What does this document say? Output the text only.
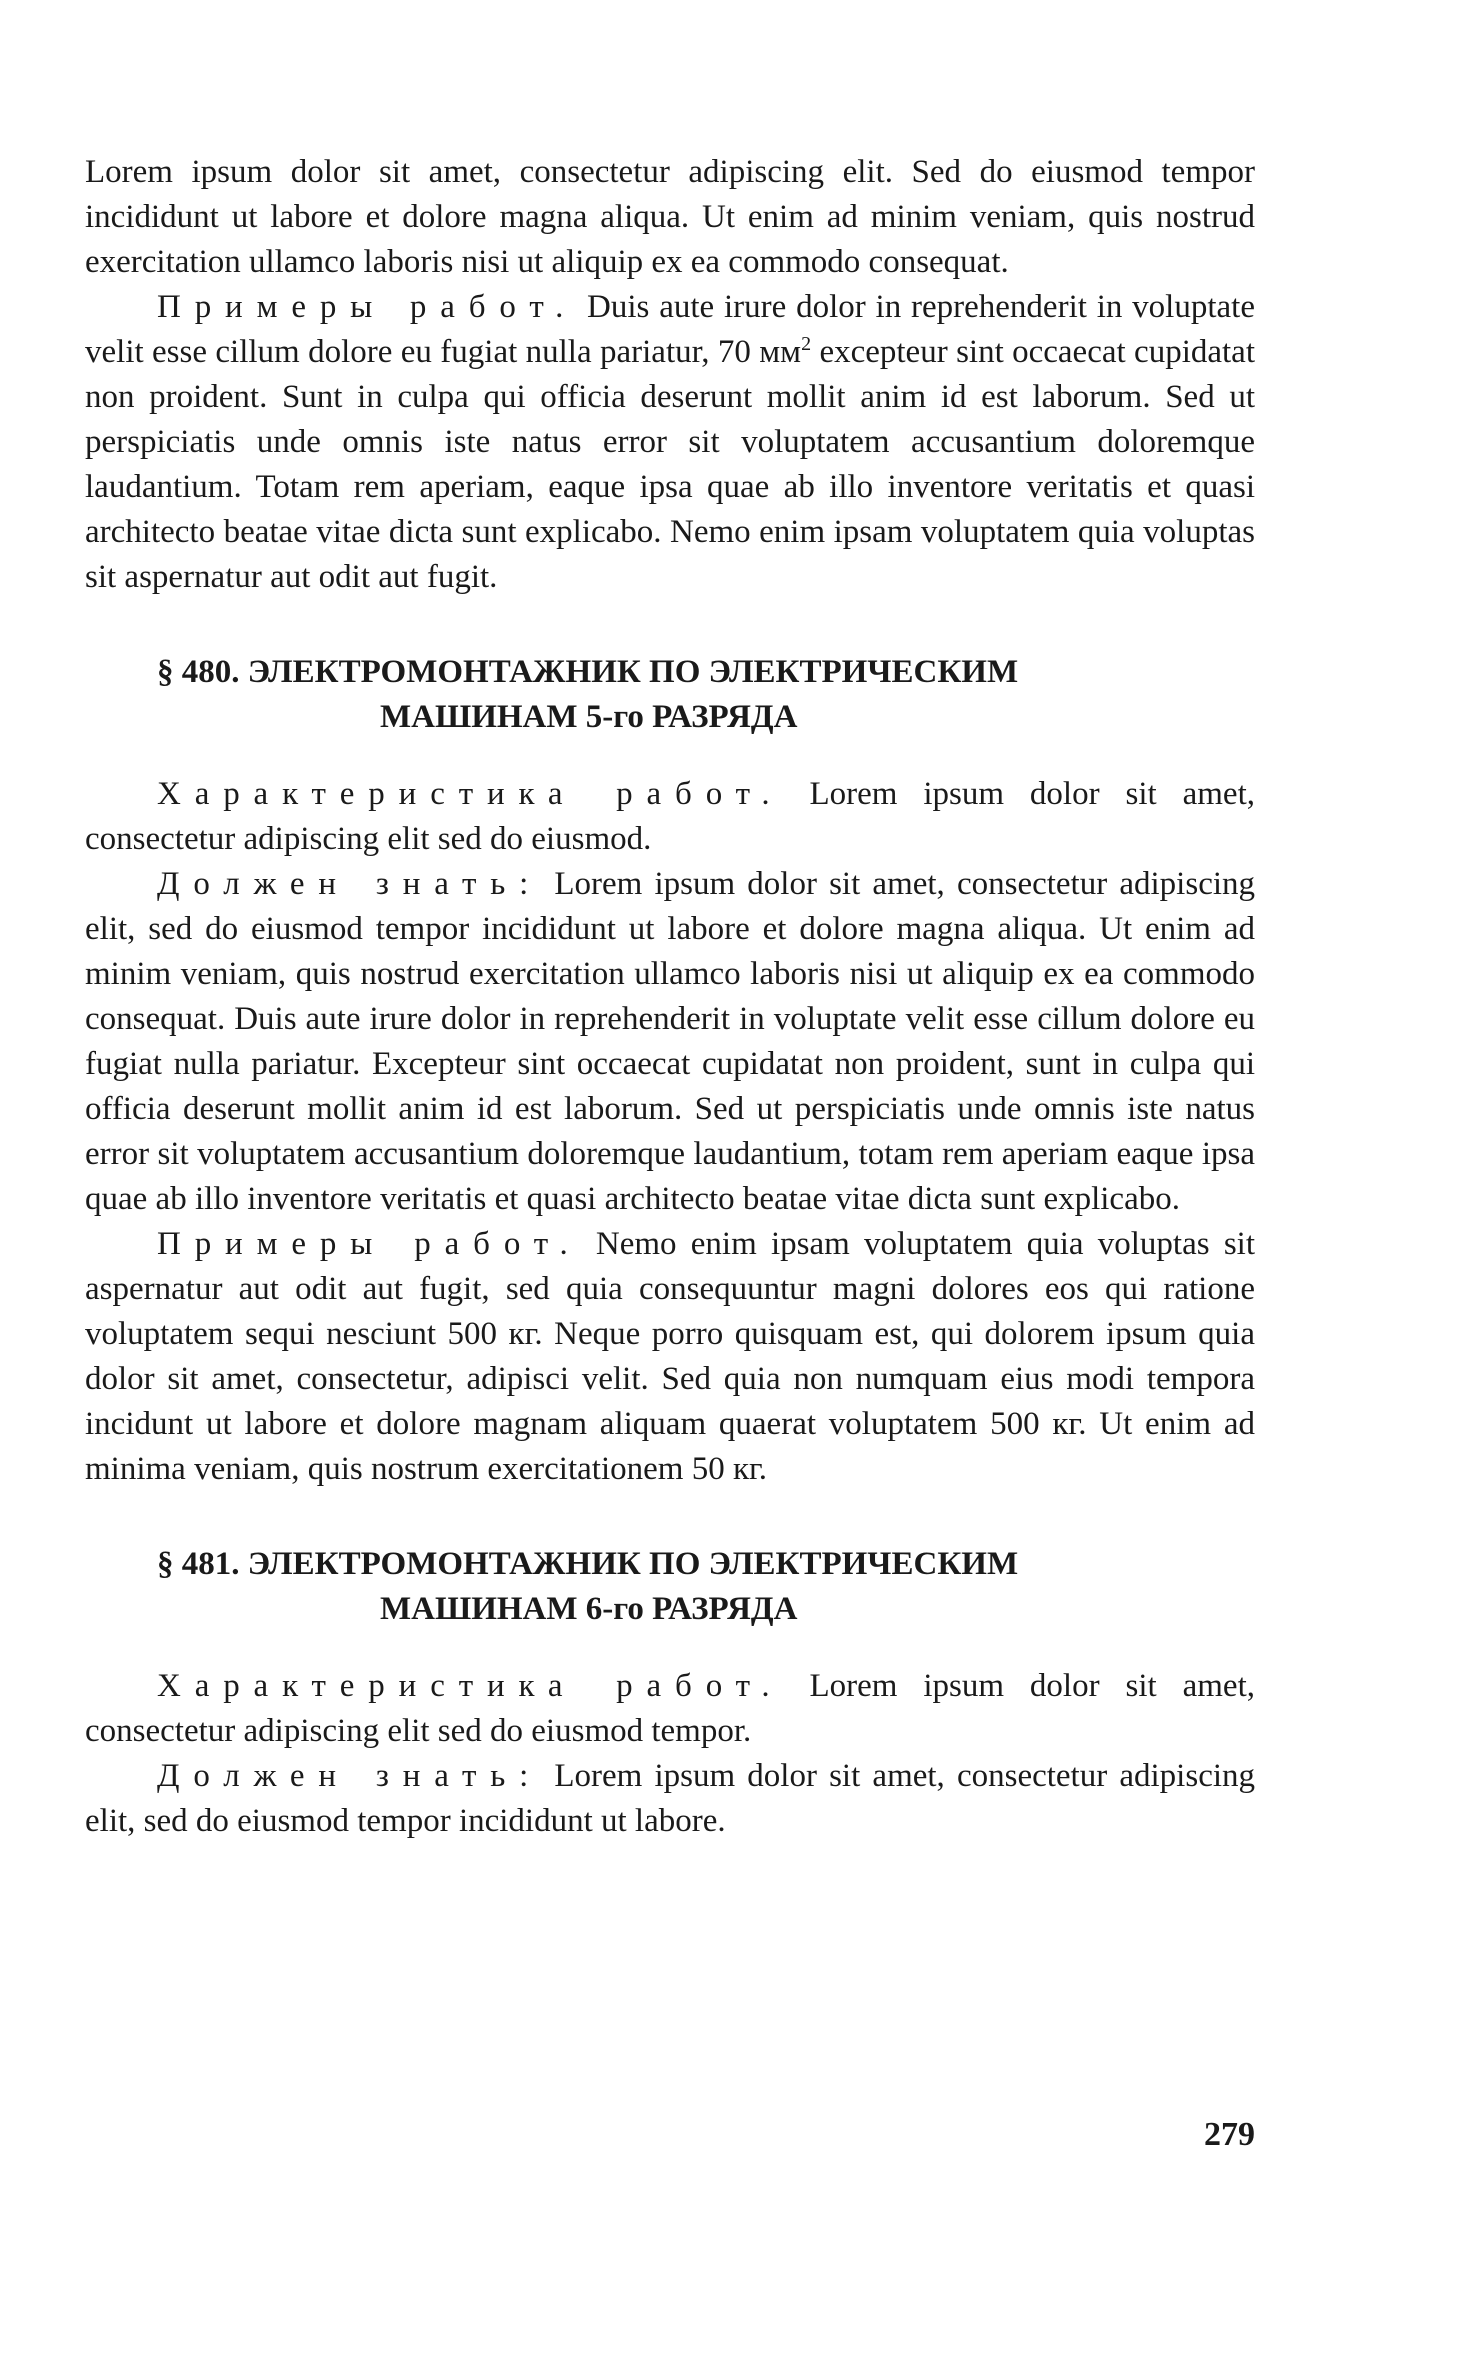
Lorem ipsum dolor sit amet, consectetur adipiscing elit. Sed do eiusmod tempor incididunt ut labore et dolore magna aliqua. Ut enim ad minim veniam, quis nostrud exercitation ullamco laboris nisi ut aliquip ex ea commodo consequat.

Примеры работ. Duis aute irure dolor in reprehenderit in voluptate velit esse cillum dolore eu fugiat nulla pariatur, 70 $мм^2$ excepteur sint occaecat cupidatat non proident. Sunt in culpa qui officia deserunt mollit anim id est laborum. Sed ut perspiciatis unde omnis iste natus error sit voluptatem accusantium doloremque laudantium. Totam rem aperiam, eaque ipsa quae ab illo inventore veritatis et quasi architecto beatae vitae dicta sunt explicabo. Nemo enim ipsam voluptatem quia voluptas sit aspernatur aut odit aut fugit.

§ 480. ЭЛЕКТРОМОНТАЖНИК ПО ЭЛЕКТРИЧЕСКИМ
МАШИНАМ 5-го РАЗРЯДА

Характеристика работ. Lorem ipsum dolor sit amet, consectetur adipiscing elit sed do eiusmod.

Должен знать: Lorem ipsum dolor sit amet, consectetur adipiscing elit, sed do eiusmod tempor incididunt ut labore et dolore magna aliqua. Ut enim ad minim veniam, quis nostrud exercitation ullamco laboris nisi ut aliquip ex ea commodo consequat. Duis aute irure dolor in reprehenderit in voluptate velit esse cillum dolore eu fugiat nulla pariatur. Excepteur sint occaecat cupidatat non proident, sunt in culpa qui officia deserunt mollit anim id est laborum. Sed ut perspiciatis unde omnis iste natus error sit voluptatem accusantium doloremque laudantium, totam rem aperiam eaque ipsa quae ab illo inventore veritatis et quasi architecto beatae vitae dicta sunt explicabo.

Примеры работ. Nemo enim ipsam voluptatem quia voluptas sit aspernatur aut odit aut fugit, sed quia consequuntur magni dolores eos qui ratione voluptatem sequi nesciunt 500 кг. Neque porro quisquam est, qui dolorem ipsum quia dolor sit amet, consectetur, adipisci velit. Sed quia non numquam eius modi tempora incidunt ut labore et dolore magnam aliquam quaerat voluptatem 500 кг. Ut enim ad minima veniam, quis nostrum exercitationem 50 кг.

§ 481. ЭЛЕКТРОМОНТАЖНИК ПО ЭЛЕКТРИЧЕСКИМ
МАШИНАМ 6-го РАЗРЯДА

Характеристика работ. Lorem ipsum dolor sit amet, consectetur adipiscing elit sed do eiusmod tempor.

Должен знать: Lorem ipsum dolor sit amet, consectetur adipiscing elit, sed do eiusmod tempor incididunt ut labore.

279
